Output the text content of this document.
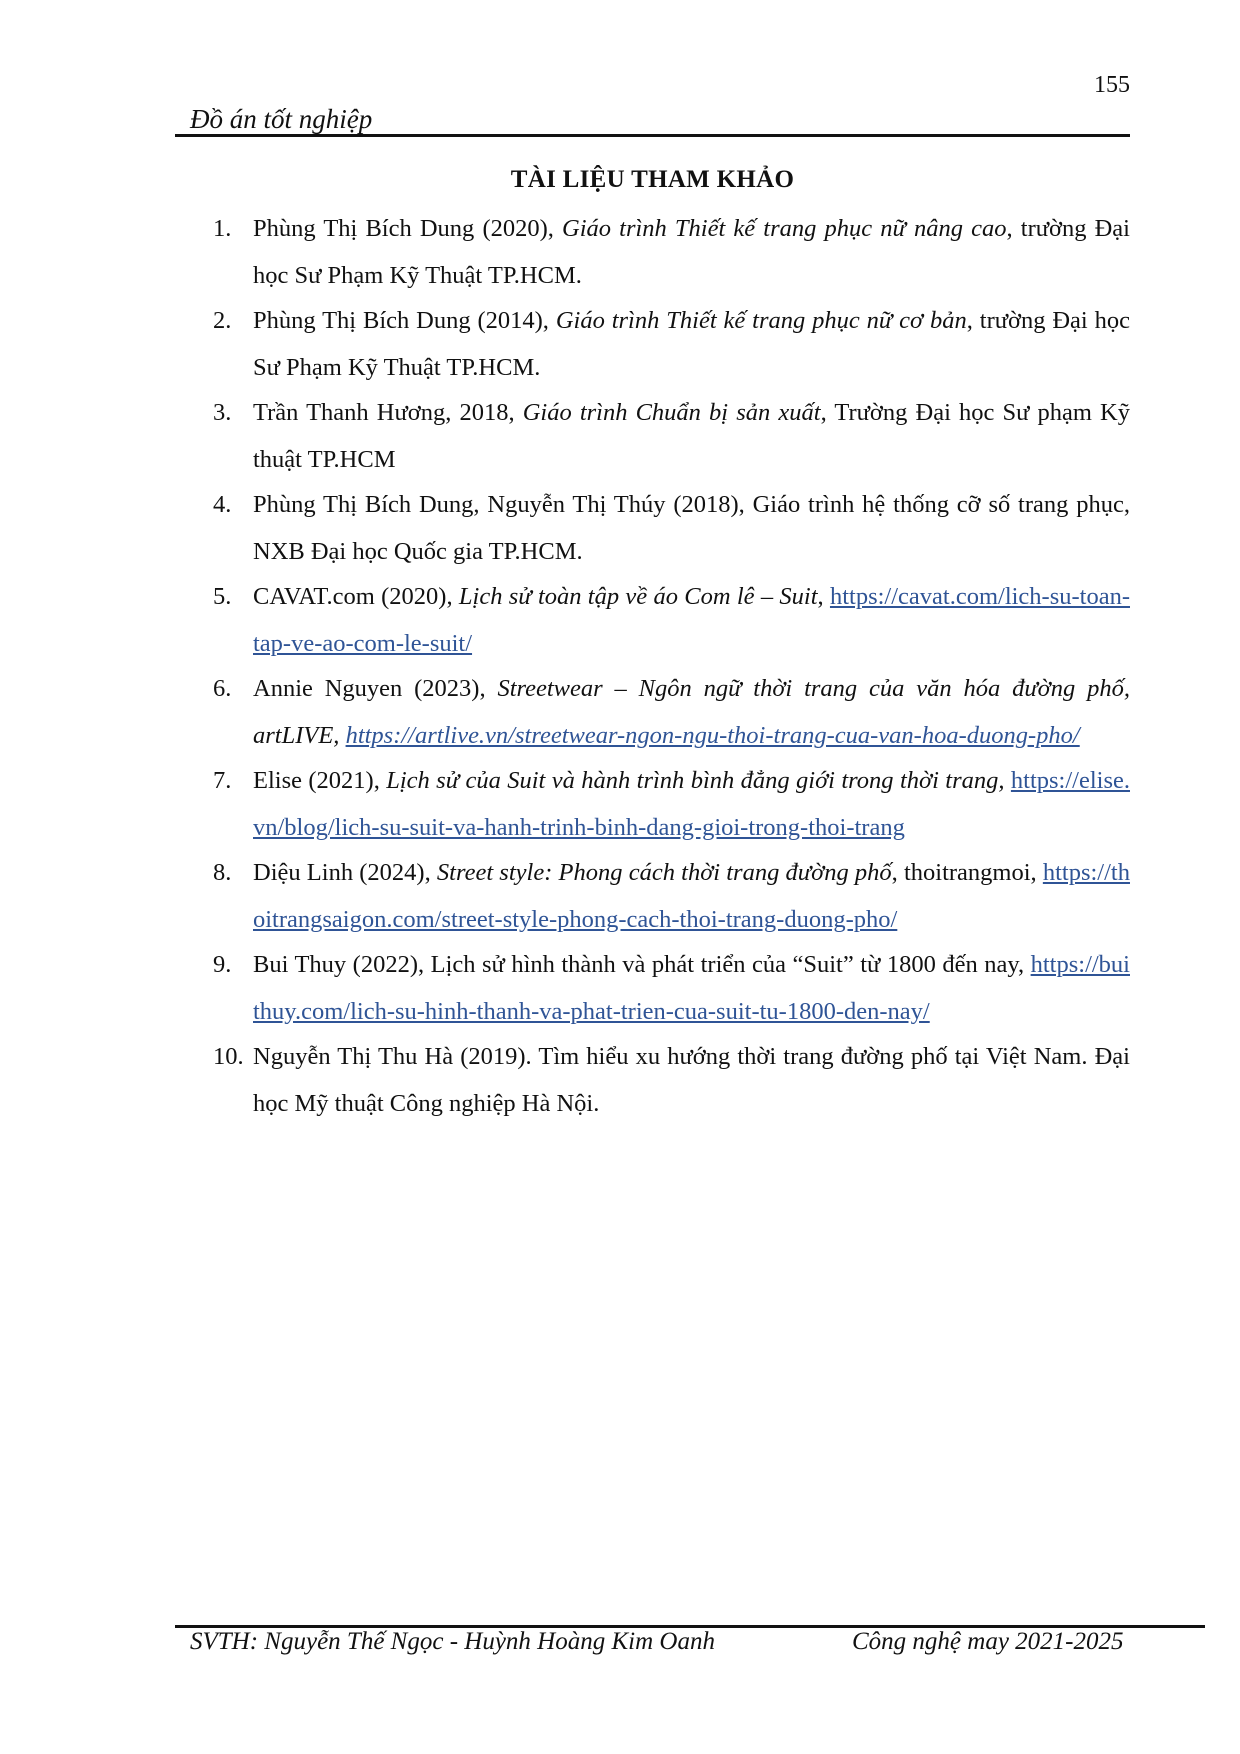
155
Đồ án tốt nghiệp
TÀI LIỆU THAM KHẢO
1. Phùng Thị Bích Dung (2020), Giáo trình Thiết kế trang phục nữ nâng cao, trường Đại học Sư Phạm Kỹ Thuật TP.HCM.
2. Phùng Thị Bích Dung (2014), Giáo trình Thiết kế trang phục nữ cơ bản, trường Đại học Sư Phạm Kỹ Thuật TP.HCM.
3. Trần Thanh Hương, 2018, Giáo trình Chuẩn bị sản xuất, Trường Đại học Sư phạm Kỹ thuật TP.HCM
4. Phùng Thị Bích Dung, Nguyễn Thị Thúy (2018), Giáo trình hệ thống cỡ số trang phục, NXB Đại học Quốc gia TP.HCM.
5. CAVAT.com (2020), Lịch sử toàn tập về áo Com lê – Suit, https://cavat.com/lich-su-toan-tap-ve-ao-com-le-suit/
6. Annie Nguyen (2023), Streetwear – Ngôn ngữ thời trang của văn hóa đường phố, artLIVE, https://artlive.vn/streetwear-ngon-ngu-thoi-trang-cua-van-hoa-duong-pho/
7. Elise (2021), Lịch sử của Suit và hành trình bình đẳng giới trong thời trang, https://elise.vn/blog/lich-su-suit-va-hanh-trinh-binh-dang-gioi-trong-thoi-trang
8. Diệu Linh (2024), Street style: Phong cách thời trang đường phố, thoitrangmoi, https://thoitrangsaigon.com/street-style-phong-cach-thoi-trang-duong-pho/
9. Bui Thuy (2022), Lịch sử hình thành và phát triển của “Suit” từ 1800 đến nay, https://buithuy.com/lich-su-hinh-thanh-va-phat-trien-cua-suit-tu-1800-den-nay/
10. Nguyễn Thị Thu Hà (2019). Tìm hiểu xu hướng thời trang đường phố tại Việt Nam. Đại học Mỹ thuật Công nghiệp Hà Nội.
SVTH: Nguyễn Thế Ngọc - Huỳnh Hoàng Kim Oanh	Công nghệ may 2021-2025
